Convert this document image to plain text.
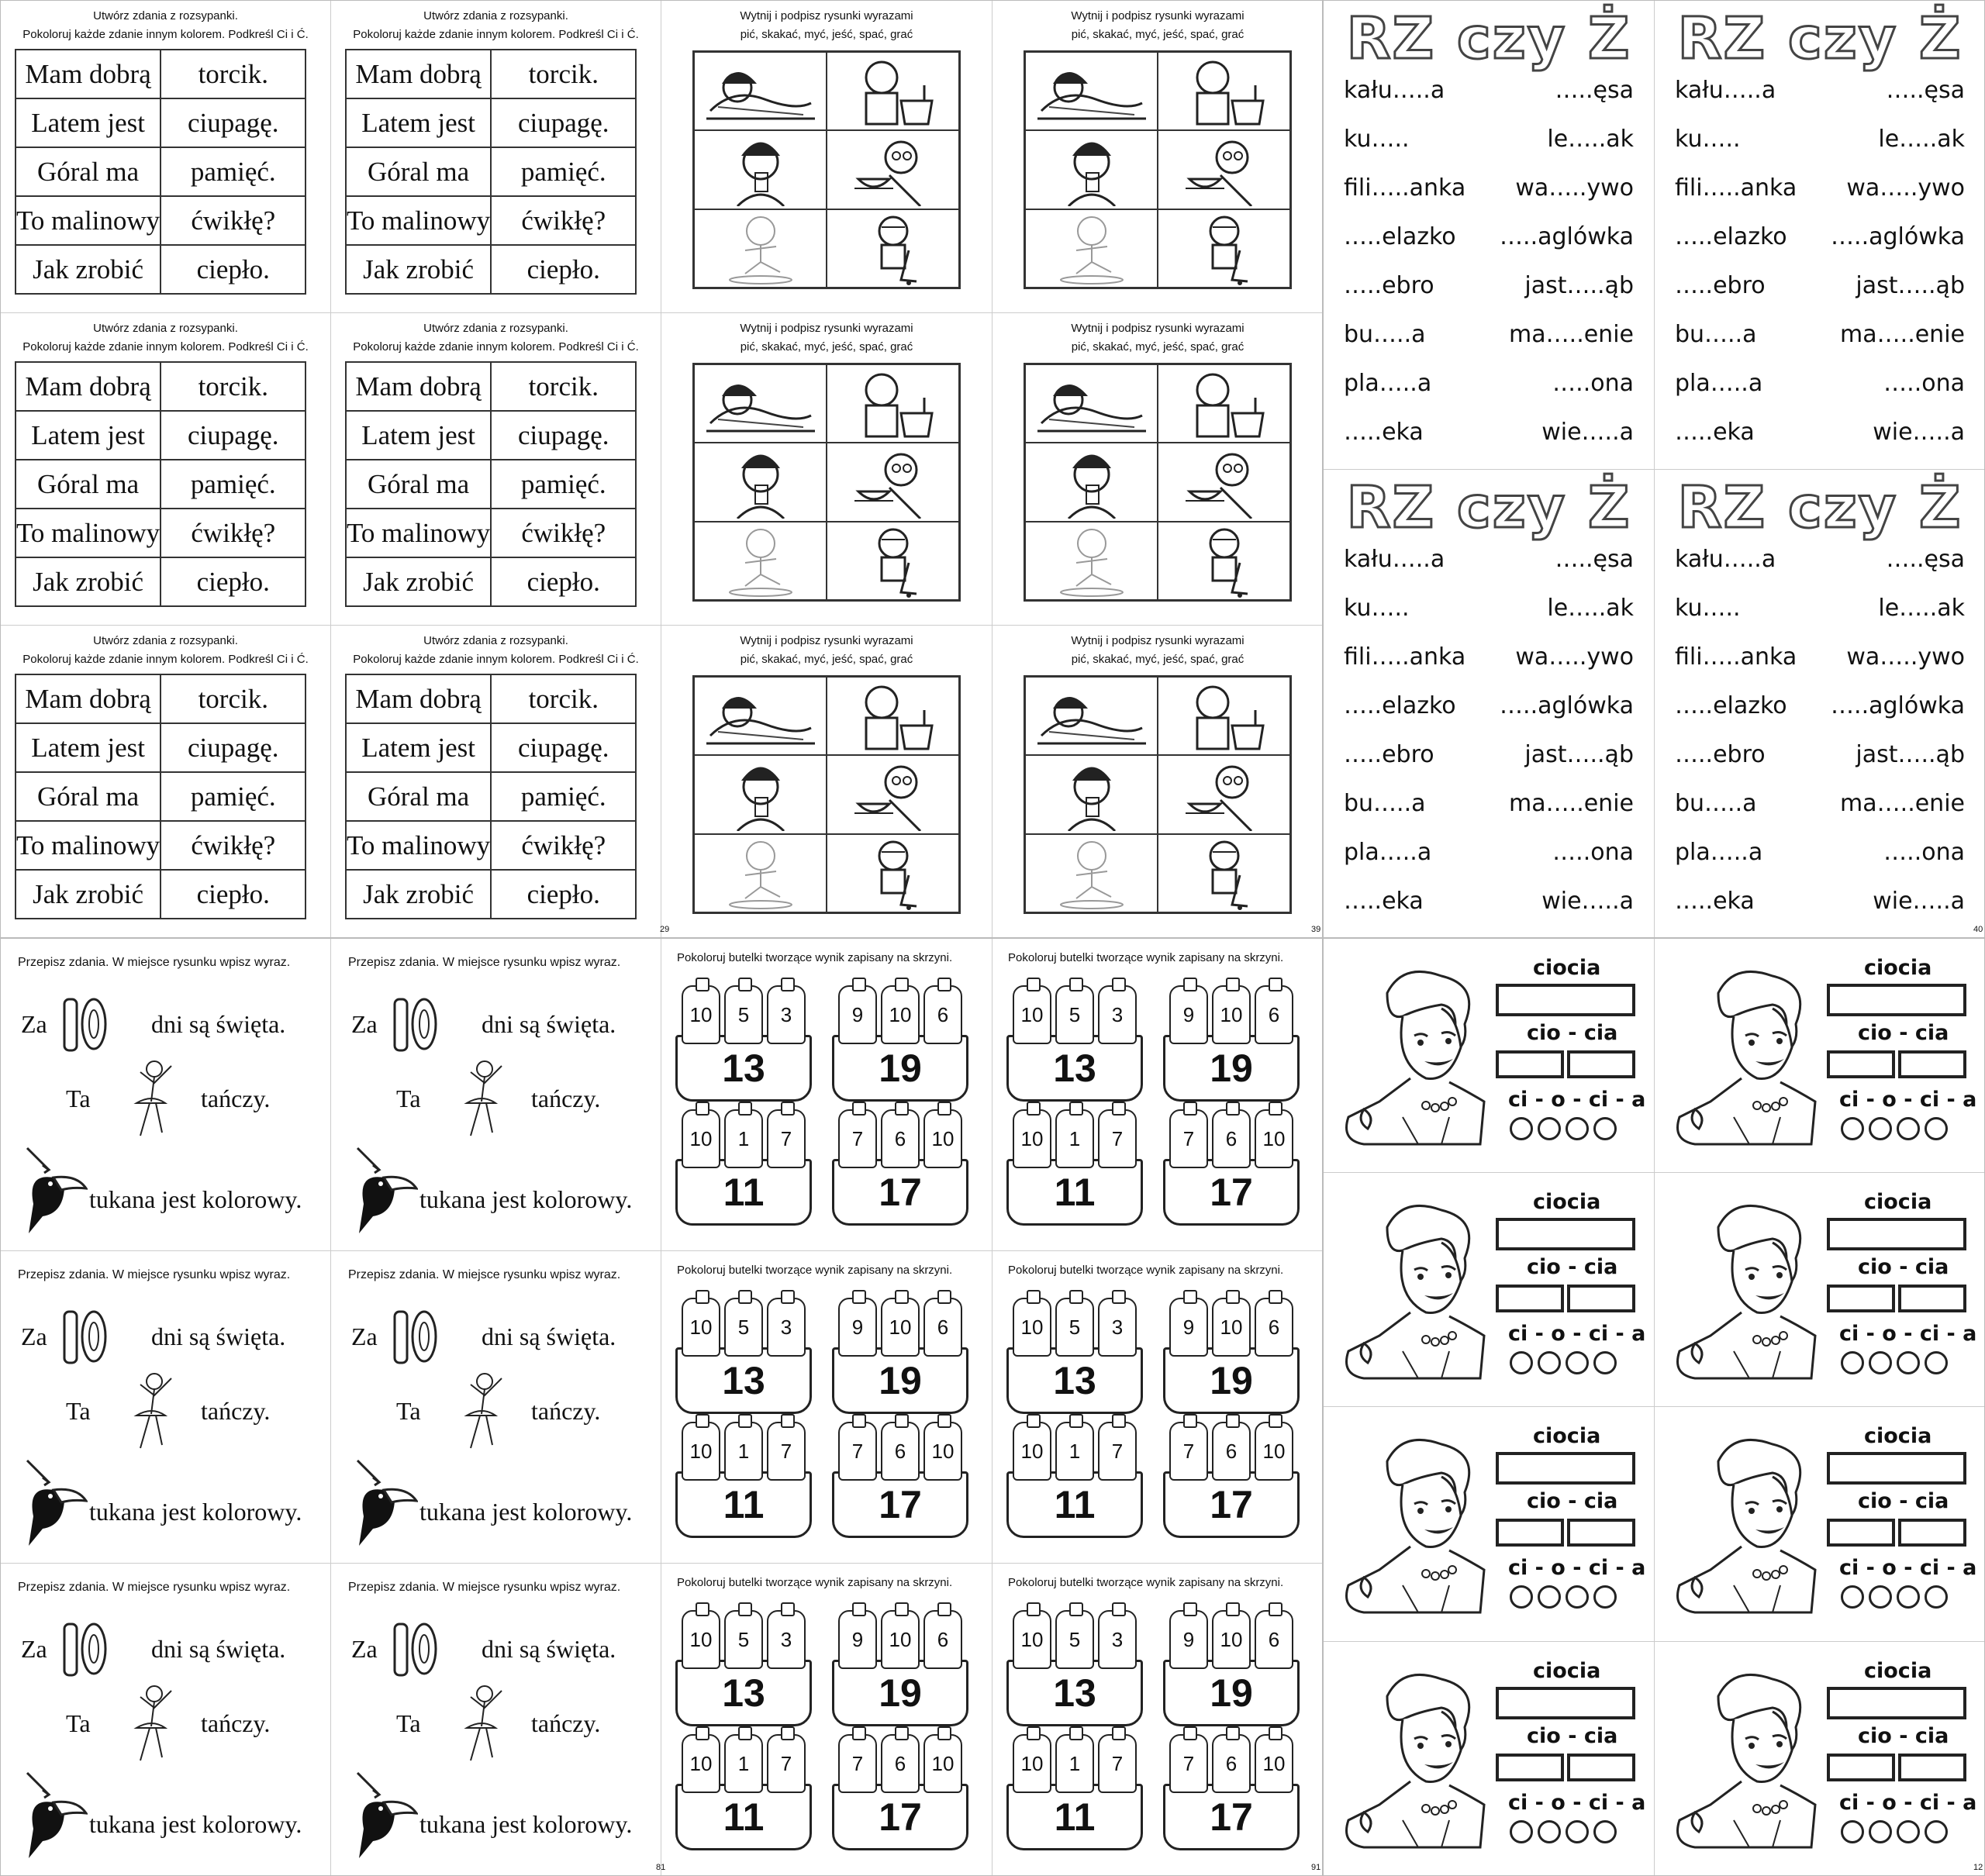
Utwórz zdania z rozsypanki.
Pokoloruj każde zdanie innym kolorem. Podkreśl Ci i Ć.
Mam dobrą	torcik.
Latem jest	ciupagę.
Góral ma	pamięć.
To malinowy	ćwikłę?
Jak zrobić	ciepło.
Utwórz zdania z rozsypanki.
Pokoloruj każde zdanie innym kolorem. Podkreśl Ci i Ć.
Mam dobrą	torcik.
Latem jest	ciupagę.
Góral ma	pamięć.
To malinowy	ćwikłę?
Jak zrobić	ciepło.
Wytnij i podpisz rysunki wyrazami
pić, skakać, myć, jeść, spać, grać
Wytnij i podpisz rysunki wyrazami
pić, skakać, myć, jeść, spać, grać
Utwórz zdania z rozsypanki.
Pokoloruj każde zdanie innym kolorem. Podkreśl Ci i Ć.
Mam dobrą	torcik.
Latem jest	ciupagę.
Góral ma	pamięć.
To malinowy	ćwikłę?
Jak zrobić	ciepło.
Utwórz zdania z rozsypanki.
Pokoloruj każde zdanie innym kolorem. Podkreśl Ci i Ć.
Mam dobrą	torcik.
Latem jest	ciupagę.
Góral ma	pamięć.
To malinowy	ćwikłę?
Jak zrobić	ciepło.
Wytnij i podpisz rysunki wyrazami
pić, skakać, myć, jeść, spać, grać
Wytnij i podpisz rysunki wyrazami
pić, skakać, myć, jeść, spać, grać
Utwórz zdania z rozsypanki.
Pokoloruj każde zdanie innym kolorem. Podkreśl Ci i Ć.
Mam dobrą	torcik.
Latem jest	ciupagę.
Góral ma	pamięć.
To malinowy	ćwikłę?
Jak zrobić	ciepło.
Utwórz zdania z rozsypanki.
Pokoloruj każde zdanie innym kolorem. Podkreśl Ci i Ć.
Mam dobrą	torcik.
Latem jest	ciupagę.
Góral ma	pamięć.
To malinowy	ćwikłę?
Jak zrobić	ciepło.
Wytnij i podpisz rysunki wyrazami
pić, skakać, myć, jeść, spać, grać
Wytnij i podpisz rysunki wyrazami
pić, skakać, myć, jeść, spać, grać
29	39
RZ czy Ż
kału…..a	…..ęsa
ku…..	le…..ak
fili…..anka wa…..ywo
…..elazko …..aglówka
…..ebro	jast…..ąb
bu…..a	ma…..enie
pla…..a	…..ona
…..eka	wie…..a
RZ czy Ż
kału…..a	…..ęsa
ku…..	le…..ak
fili…..anka wa…..ywo
…..elazko …..aglówka
…..ebro	jast…..ąb
bu…..a	ma…..enie
pla…..a	…..ona
…..eka	wie…..a
RZ czy Ż
kału…..a	…..ęsa
ku…..	le…..ak
fili…..anka wa…..ywo
…..elazko …..aglówka
…..ebro	jast…..ąb
bu…..a	ma…..enie
pla…..a	…..ona
…..eka	wie…..a
RZ czy Ż
kału…..a	…..ęsa
ku…..	le…..ak
fili…..anka wa…..ywo
…..elazko …..aglówka
…..ebro	jast…..ąb
bu…..a	ma…..enie
pla…..a	…..ona
…..eka	wie…..a
40
Przepisz zdania. W miejsce rysunku wpisz wyraz.
Za	dni są święta.
Ta	tańczy.
tukana jest kolorowy.
Przepisz zdania. W miejsce rysunku wpisz wyraz.
Za	dni są święta.
Ta	tańczy.
tukana jest kolorowy.
Pokoloruj butelki tworzące wynik zapisany na skrzyni.
13
10	5	3
19
9	10	6
11
10	1	7
17
7	6	10
Pokoloruj butelki tworzące wynik zapisany na skrzyni.
13
10	5	3
19
9	10	6
11
10	1	7
17
7	6	10
Przepisz zdania. W miejsce rysunku wpisz wyraz.
Za	dni są święta.
Ta	tańczy.
tukana jest kolorowy.
Przepisz zdania. W miejsce rysunku wpisz wyraz.
Za	dni są święta.
Ta	tańczy.
tukana jest kolorowy.
Pokoloruj butelki tworzące wynik zapisany na skrzyni.
13
10	5	3
19
9	10	6
11
10	1	7
17
7	6	10
Pokoloruj butelki tworzące wynik zapisany na skrzyni.
13
10	5	3
19
9	10	6
11
10	1	7
17
7	6	10
Przepisz zdania. W miejsce rysunku wpisz wyraz.
Za	dni są święta.
Ta	tańczy.
tukana jest kolorowy.
Przepisz zdania. W miejsce rysunku wpisz wyraz.
Za	dni są święta.
Ta	tańczy.
tukana jest kolorowy.
Pokoloruj butelki tworzące wynik zapisany na skrzyni.
13
10	5	3
19
9	10	6
11
10	1	7
17
7	6	10
Pokoloruj butelki tworzące wynik zapisany na skrzyni.
13
10	5	3
19
9	10	6
11
10	1	7
17
7	6	10
81	91
ciocia
cio - cia
ci - o - ci - a
ciocia
cio - cia
ci - o - ci - a
ciocia
cio - cia
ci - o - ci - a
ciocia
cio - cia
ci - o - ci - a
ciocia
cio - cia
ci - o - ci - a
ciocia
cio - cia
ci - o - ci - a
ciocia
cio - cia
ci - o - ci - a
ciocia
cio - cia
ci - o - ci - a
12
